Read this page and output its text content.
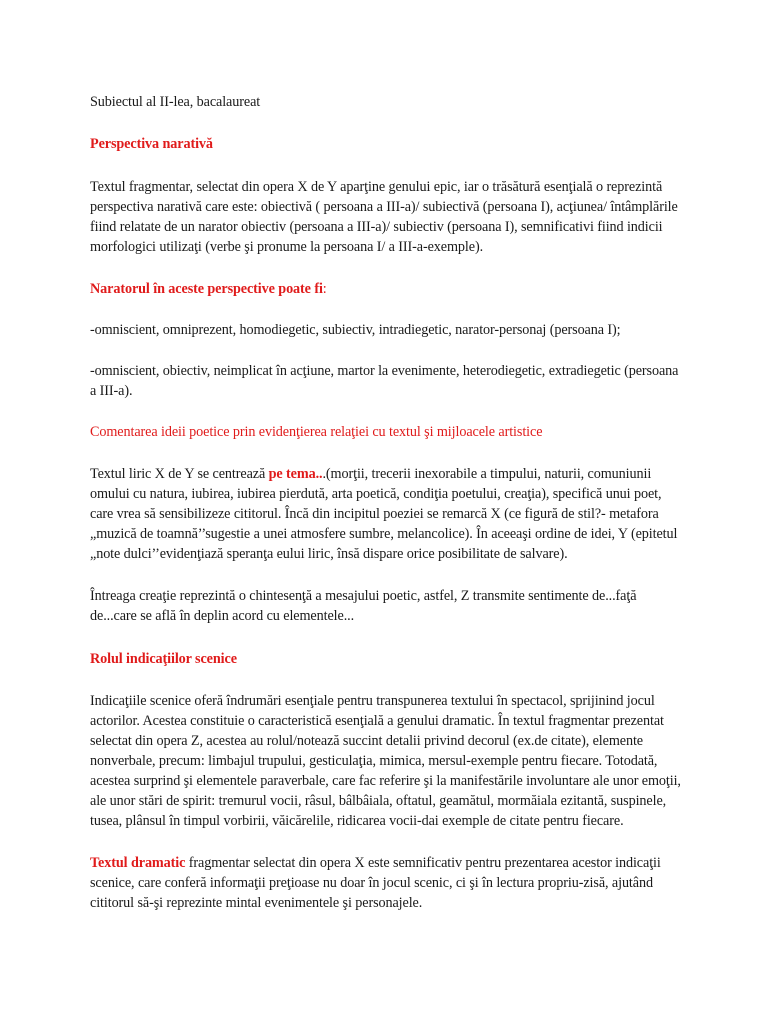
Subiectul al II-lea, bacalaureat
Perspectiva narativă
Textul fragmentar, selectat din opera X de Y aparţine genului epic, iar o trăsătură esenţială o reprezintă
perspectiva narativă care este: obiectivă ( persoana a III-a)/ subiectivă (persoana I), acţiunea/ întâmplările
fiind relatate de un narator obiectiv (persoana a III-a)/ subiectiv (persoana I), semnificativi fiind indicii
morfologici utilizaţi (verbe şi pronume la persoana I/ a III-a-exemple).
Naratorul în aceste perspective poate fi:
-omniscient, omniprezent, homodiegetic, subiectiv, intradiegetic, narator-personaj (persoana I);
-omniscient, obiectiv, neimplicat în acţiune, martor la evenimente, heterodiegetic, extradiegetic (persoana
a III-a).
Comentarea ideii poetice prin evidenţierea relaţiei cu textul şi mijloacele artistice
Textul liric X de Y se centrează pe tema...(morţii, trecerii inexorabile a timpului, naturii, comuniunii
omului cu natura, iubirea, iubirea pierdută, arta poetică, condiţia poetului, creaţia), specifică unui poet,
care vrea să sensibilizeze cititorul. Încă din incipitul poeziei se remarcă X (ce figură de stil?- metafora
„muzică de toamnă’’sugestie a unei atmosfere sumbre, melancolice). În aceeaşi ordine de idei, Y (epitetul
„note dulci’’evidenţiază speranţa eului liric, însă dispare orice posibilitate de salvare).
Întreaga creaţie reprezintă o chintesenţă a mesajului poetic, astfel, Z transmite sentimente de...faţă
de...care se află în deplin acord cu elementele...
Rolul indicaţiilor scenice
Indicaţiile scenice oferă îndrumări esenţiale pentru transpunerea textului în spectacol, sprijinind jocul
actorilor. Acestea constituie o caracteristică esenţială a genului dramatic. În textul fragmentar prezentat
selectat din opera Z, acestea au rolul/notează succint detalii privind decorul (ex.de citate), elemente
nonverbale, precum: limbajul trupului, gesticulaţia, mimica, mersul-exemple pentru fiecare. Totodată,
acestea surprind şi elementele paraverbale, care fac referire şi la manifestările involuntare ale unor emoţii,
ale unor stări de spirit: tremurul vocii, râsul, bâlbâiala, oftatul, geamătul, mormăiala ezitantă, suspinele,
tusea, plânsul în timpul vorbirii, văicărelile, ridicarea vocii-dai exemple de citate pentru fiecare.
Textul dramatic fragmentar selectat din opera X este semnificativ pentru prezentarea acestor indicaţii
scenice, care conferă informaţii preţioase nu doar în jocul scenic, ci şi în lectura propriu-zisă, ajutând
cititorul să-şi reprezinte mintal evenimentele şi personajele.
